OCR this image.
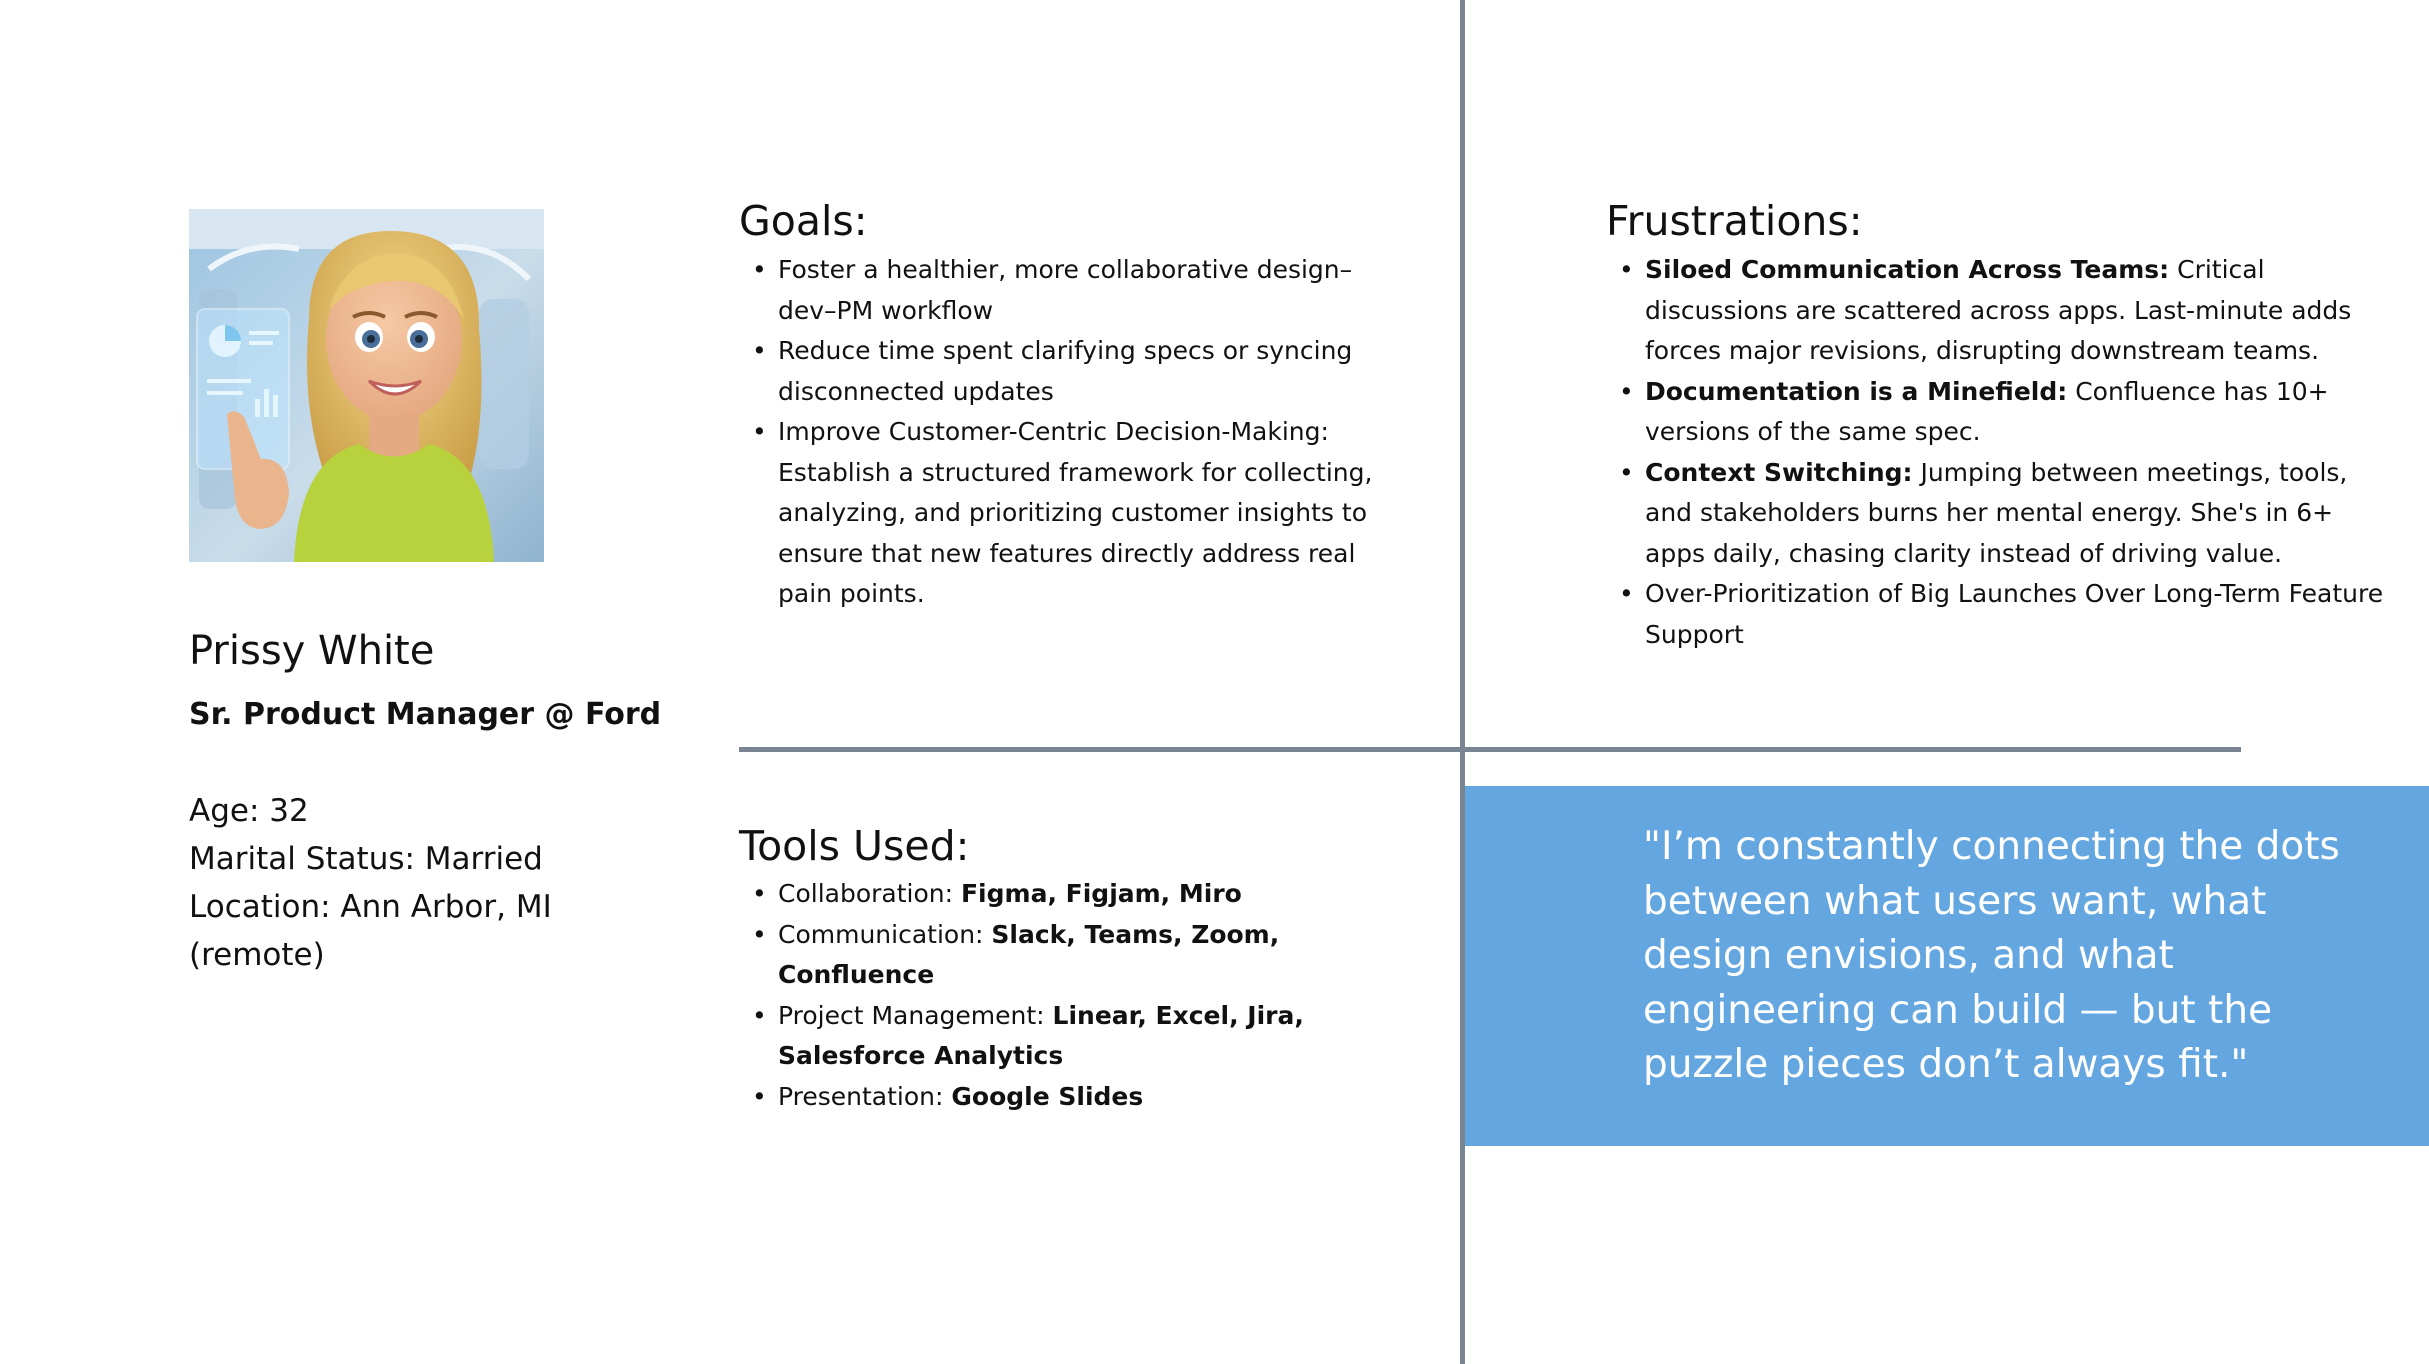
Prissy White
Sr. Product Manager @ Ford
Age: 32
Marital Status: Married
Location: Ann Arbor, MI
(remote)
Goals:
• Foster a healthier, more collaborative design–dev–PM workflow
• Reduce time spent clarifying specs or syncing disconnected updates
• Improve Customer-Centric Decision-Making: Establish a structured framework for collecting, analyzing, and prioritizing customer insights to ensure that new features directly address real pain points.
Frustrations:
• Siloed Communication Across Teams: Critical discussions are scattered across apps. Last-minute adds forces major revisions, disrupting downstream teams.
• Documentation is a Minefield: Confluence has 10+ versions of the same spec.
• Context Switching: Jumping between meetings, tools, and stakeholders burns her mental energy. She's in 6+ apps daily, chasing clarity instead of driving value.
• Over-Prioritization of Big Launches Over Long-Term Feature Support
Tools Used:
• Collaboration: Figma, Figjam, Miro
• Communication: Slack, Teams, Zoom, Confluence
• Project Management: Linear, Excel, Jira, Salesforce Analytics
• Presentation: Google Slides
"I’m constantly connecting the dots between what users want, what design envisions, and what engineering can build — but the puzzle pieces don’t always fit."
